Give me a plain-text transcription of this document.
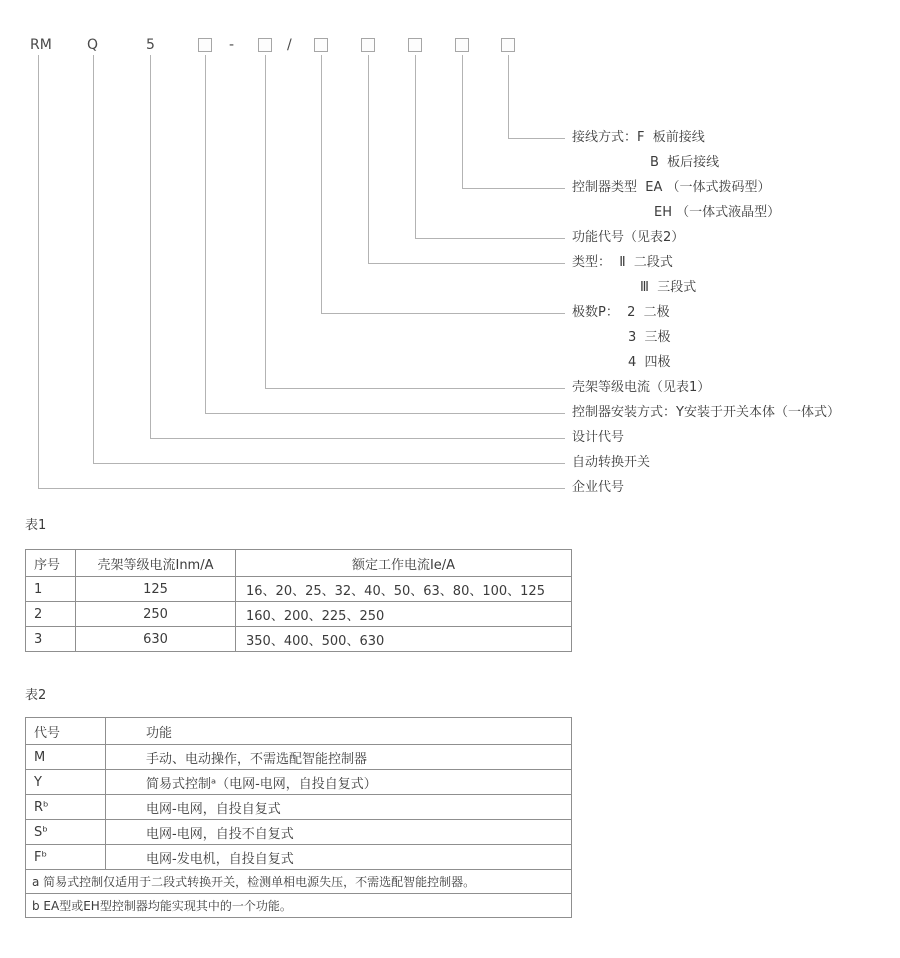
RM	Q	5	-	/
接线方式：F  板前接线
B  板后接线
控制器类型  EA （一体式拨码型）
EH （一体式液晶型）
功能代号（见表2）
类型：  Ⅱ  二段式
Ⅲ  三段式
极数P：  2  二极
3  三极
4  四极
壳架等级电流（见表1）
控制器安装方式：Y安装于开关本体（一体式）
设计代号
自动转换开关
企业代号
表1
序号	壳架等级电流Inm/A	额定工作电流Ie/A
1	125	16、20、25、32、40、50、63、80、100、125
2	250	160、200、225、250
3	630	350、400、500、630
表2
代号	功能
M	手动、电动操作，不需选配智能控制器
Y	简易式控制ᵃ（电网-电网，自投自复式）
Rᵇ	电网-电网，自投自复式
Sᵇ	电网-电网，自投不自复式
Fᵇ	电网-发电机，自投自复式
a 简易式控制仅适用于二段式转换开关，检测单相电源失压，不需选配智能控制器。	
b EA型或EH型控制器均能实现其中的一个功能。	
